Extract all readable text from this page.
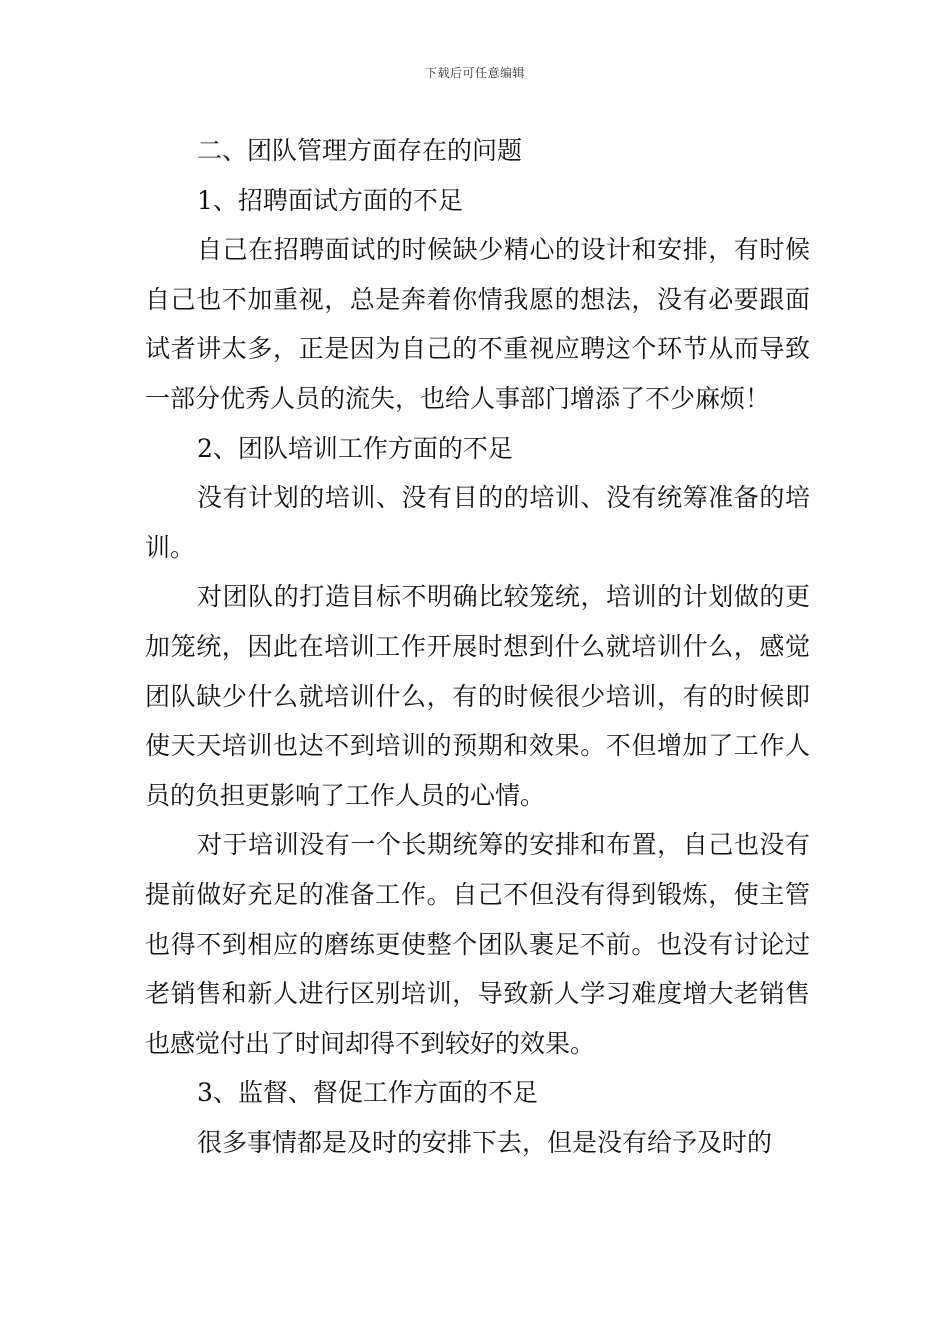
下载后可任意编辑

二、团队管理方面存在的问题

1、招聘面试方面的不足

自己在招聘面试的时候缺少精心的设计和安排，有时候自己也不加重视，总是奔着你情我愿的想法，没有必要跟面试者讲太多，正是因为自己的不重视应聘这个环节从而导致一部分优秀人员的流失，也给人事部门增添了不少麻烦！

2、团队培训工作方面的不足

没有计划的培训、没有目的的培训、没有统筹准备的培训。

对团队的打造目标不明确比较笼统，培训的计划做的更加笼统，因此在培训工作开展时想到什么就培训什么，感觉团队缺少什么就培训什么，有的时候很少培训，有的时候即使天天培训也达不到培训的预期和效果。不但增加了工作人员的负担更影响了工作人员的心情。

对于培训没有一个长期统筹的安排和布置，自己也没有提前做好充足的准备工作。自己不但没有得到锻炼，使主管也得不到相应的磨练更使整个团队裹足不前。也没有讨论过老销售和新人进行区别培训，导致新人学习难度增大老销售也感觉付出了时间却得不到较好的效果。

3、监督、督促工作方面的不足

很多事情都是及时的安排下去，但是没有给予及时的
